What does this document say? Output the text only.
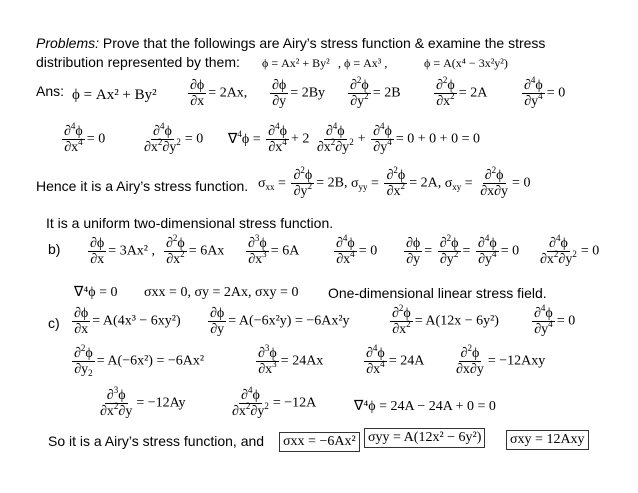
Problems: Prove that the followings are Airy’s stress function & examine the stress
distribution represented by them: ϕ = Ax² + By² , ϕ = Ax³ ,	ϕ = A(x⁴ − 3x²y²)
Ans: $\phi = Ax^2 + By^2 \frac{\partial\phi}{\partial x} = 2Ax$, $\frac{\partial\phi}{\partial y} = 2By \frac{\partial^2\phi}{\partial y^2} = 2B \frac{\partial^2\phi}{\partial x^2} = 2A \frac{\partial^4\phi}{\partial y^4} = 0$
$\frac{\partial^4\phi}{\partial x^4} = 0$	$\frac{\partial^4\phi}{\partial x^2\partial y^2} = 0$ $\nabla^4\phi = \frac{\partial^4\phi}{\partial x^4} + 2 \frac{\partial^4\phi}{\partial x^2\partial y^2} + \frac{\partial^4\phi}{\partial y^4} = 0 + 0 + 0 = 0$
Hence it is a Airy’s stress function. $\sigma_{xx} = \frac{\partial^2\phi}{\partial y^2} = 2B$, $\sigma_{yy} = \frac{\partial^2\phi}{\partial x^2} = 2A$, $\sigma_{xy} = \frac{\partial^2\phi}{\partial x\partial y} = 0$
It is a uniform two-dimensional stress function.
$b) \frac{\partial\phi}{\partial x} = 3Ax^2$ , $\frac{\partial^2\phi}{\partial x^2} = 6Ax \frac{\partial^3\phi}{\partial x^3} = 6A \frac{\partial^4\phi}{\partial x^4} = 0 \frac{\partial\phi}{\partial y} = \frac{\partial^2\phi}{\partial y^2} = \frac{\partial^4\phi}{\partial y^4} = 0 \frac{\partial^4\phi}{\partial x^2\partial y^2} = 0$
∇⁴ϕ = 0 σxx = 0, σy = 2Ax, σxy = 0 One-dimensional linear stress field.
$c) \frac{\partial\phi}{\partial x} = A(4x^3 - 6xy^2) \frac{\partial\phi}{\partial y} = A(-6x^2y) = -6Ax^2y$	$\frac{\partial^2\phi}{\partial x^2} = A(12x - 6y^2) \frac{\partial^4\phi}{\partial y^4} = 0$
$\frac{\partial^2\phi}{\partial y_2} = A(-6x^2) = -6Ax^2$	$\frac{\partial^3\phi}{\partial x^3} = 24Ax$	$\frac{\partial^4\phi}{\partial x^4} = 24A \frac{\partial^2\phi}{\partial x\partial y} = -12Axy$
$\frac{\partial^3\phi}{\partial x^2\partial y} = -12Ay$	$\frac{\partial^4\phi}{\partial x^2\partial y^2} = -12A$	∇⁴ϕ = 24A − 24A + 0 = 0
So it is a Airy’s stress function, and σxx = −6Ax² σyy = A(12x² − 6y²) σxy = 12Axy
